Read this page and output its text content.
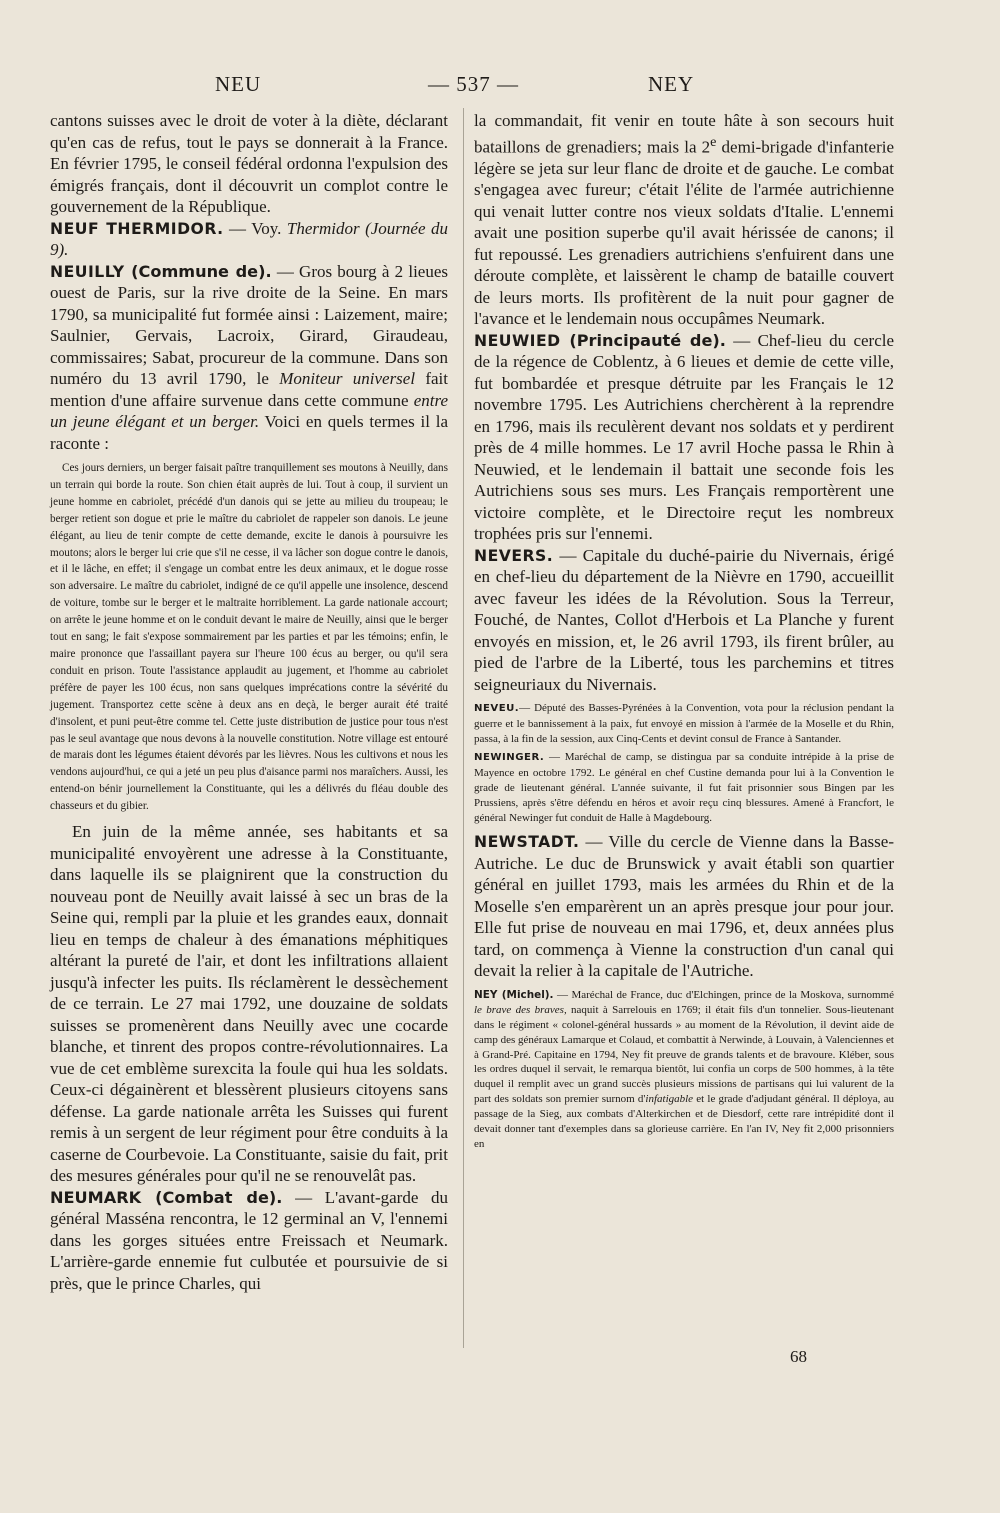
NEU	— 537 —	NEY

cantons suisses avec le droit de voter à la diète, déclarant qu'en cas de refus, tout le pays se donnerait à la France. En février 1795, le conseil fédéral ordonna l'expulsion des émigrés français, dont il découvrit un complot contre le gouvernement de la République.

NEUF THERMIDOR. — Voy. Thermidor (Journée du 9).

NEUILLY (Commune de). — Gros bourg à 2 lieues ouest de Paris, sur la rive droite de la Seine. En mars 1790, sa municipalité fut formée ainsi : Laizement, maire; Saulnier, Gervais, Lacroix, Girard, Giraudeau, commissaires; Sabat, procureur de la commune. Dans son numéro du 13 avril 1790, le Moniteur universel fait mention d'une affaire survenue dans cette commune entre un jeune élégant et un berger. Voici en quels termes il la raconte :

Ces jours derniers, un berger faisait paître tranquillement ses moutons à Neuilly, dans un terrain qui borde la route. Son chien était auprès de lui. Tout à coup, il survient un jeune homme en cabriolet, précédé d'un danois qui se jette au milieu du troupeau; le berger retient son dogue et prie le maître du cabriolet de rappeler son danois. Le jeune élégant, au lieu de tenir compte de cette demande, excite le danois à poursuivre les moutons; alors le berger lui crie que s'il ne cesse, il va lâcher son dogue contre le danois, et il le lâche, en effet; il s'engage un combat entre les deux animaux, et le dogue rosse son adversaire. Le maître du cabriolet, indigné de ce qu'il appelle une insolence, descend de voiture, tombe sur le berger et le maltraite horriblement. La garde nationale accourt; on arrête le jeune homme et on le conduit devant le maire de Neuilly, ainsi que le berger tout en sang; le fait s'expose sommairement par les parties et par les témoins; enfin, le maire prononce que l'assaillant payera sur l'heure 100 écus au berger, ou qu'il sera conduit en prison. Toute l'assistance applaudit au jugement, et l'homme au cabriolet préfère de payer les 100 écus, non sans quelques imprécations contre la sévérité du jugement. Transportez cette scène à deux ans en deçà, le berger aurait été traité d'insolent, et puni peut-être comme tel. Cette juste distribution de justice pour tous n'est pas le seul avantage que nous devons à la nouvelle constitution. Notre village est entouré de marais dont les légumes étaient dévorés par les lièvres. Nous les cultivons et nous les vendons aujourd'hui, ce qui a jeté un peu plus d'aisance parmi nos maraîchers. Aussi, les entend-on bénir journellement la Constituante, qui les a délivrés du fléau double des chasseurs et du gibier.

En juin de la même année, ses habitants et sa municipalité envoyèrent une adresse à la Constituante, dans laquelle ils se plaignirent que la construction du nouveau pont de Neuilly avait laissé à sec un bras de la Seine qui, rempli par la pluie et les grandes eaux, donnait lieu en temps de chaleur à des émanations méphitiques altérant la pureté de l'air, et dont les infiltrations allaient jusqu'à infecter les puits. Ils réclamèrent le dessèchement de ce terrain. Le 27 mai 1792, une douzaine de soldats suisses se promenèrent dans Neuilly avec une cocarde blanche, et tinrent des propos contre-révolutionnaires. La vue de cet emblème surexcita la foule qui hua les soldats. Ceux-ci dégainèrent et blessèrent plusieurs citoyens sans défense. La garde nationale arrêta les Suisses qui furent remis à un sergent de leur régiment pour être conduits à la caserne de Courbevoie. La Constituante, saisie du fait, prit des mesures générales pour qu'il ne se renouvelât pas.

NEUMARK (Combat de). — L'avant-garde du général Masséna rencontra, le 12 germinal an V, l'ennemi dans les gorges situées entre Freissach et Neumark. L'arrière-garde ennemie fut culbutée et poursuivie de si près, que le prince Charles, qui

la commandait, fit venir en toute hâte à son secours huit bataillons de grenadiers; mais la 2e demi-brigade d'infanterie légère se jeta sur leur flanc de droite et de gauche. Le combat s'engagea avec fureur; c'était l'élite de l'armée autrichienne qui venait lutter contre nos vieux soldats d'Italie. L'ennemi avait une position superbe qu'il avait hérissée de canons; il fut repoussé. Les grenadiers autrichiens s'enfuirent dans une déroute complète, et laissèrent le champ de bataille couvert de leurs morts. Ils profitèrent de la nuit pour gagner de l'avance et le lendemain nous occupâmes Neumark.

NEUWIED (Principauté de). — Chef-lieu du cercle de la régence de Coblentz, à 6 lieues et demie de cette ville, fut bombardée et presque détruite par les Français le 12 novembre 1795. Les Autrichiens cherchèrent à la reprendre en 1796, mais ils reculèrent devant nos soldats et y perdirent près de 4 mille hommes. Le 17 avril Hoche passa le Rhin à Neuwied, et le lendemain il battait une seconde fois les Autrichiens sous ses murs. Les Français remportèrent une victoire complète, et le Directoire reçut les nombreux trophées pris sur l'ennemi.

NEVERS. — Capitale du duché-pairie du Nivernais, érigé en chef-lieu du département de la Nièvre en 1790, accueillit avec faveur les idées de la Révolution. Sous la Terreur, Fouché, de Nantes, Collot d'Herbois et La Planche y furent envoyés en mission, et, le 26 avril 1793, ils firent brûler, au pied de l'arbre de la Liberté, tous les parchemins et titres seigneuriaux du Nivernais.

NEVEU.— Député des Basses-Pyrénées à la Convention, vota pour la réclusion pendant la guerre et le bannissement à la paix, fut envoyé en mission à l'armée de la Moselle et du Rhin, passa, à la fin de la session, aux Cinq-Cents et devint consul de France à Santander.

NEWINGER. — Maréchal de camp, se distingua par sa conduite intrépide à la prise de Mayence en octobre 1792. Le général en chef Custine demanda pour lui à la Convention le grade de lieutenant général. L'année suivante, il fut fait prisonnier sous Bingen par les Prussiens, après s'être défendu en héros et avoir reçu cinq blessures. Amené à Francfort, le général Newinger fut conduit de Halle à Magdebourg.

NEWSTADT. — Ville du cercle de Vienne dans la Basse-Autriche. Le duc de Brunswick y avait établi son quartier général en juillet 1793, mais les armées du Rhin et de la Moselle s'en emparèrent un an après presque jour pour jour. Elle fut prise de nouveau en mai 1796, et, deux années plus tard, on commença à Vienne la construction d'un canal qui devait la relier à la capitale de l'Autriche.

NEY (Michel). — Maréchal de France, duc d'Elchingen, prince de la Moskova, surnommé le brave des braves, naquit à Sarrelouis en 1769; il était fils d'un tonnelier. Sous-lieutenant dans le régiment « colonel-général hussards » au moment de la Révolution, il devint aide de camp des généraux Lamarque et Colaud, et combattit à Nerwinde, à Louvain, à Valenciennes et à Grand-Pré. Capitaine en 1794, Ney fit preuve de grands talents et de bravoure. Kléber, sous les ordres duquel il servait, le remarqua bientôt, lui confia un corps de 500 hommes, à la tête duquel il remplit avec un grand succès plusieurs missions de partisans qui lui valurent de la part des soldats son premier surnom d'infatigable et le grade d'adjudant général. Il déploya, au passage de la Sieg, aux combats d'Alterkirchen et de Diesdorf, cette rare intrépidité dont il devait donner tant d'exemples dans sa glorieuse carrière. En l'an IV, Ney fit 2,000 prisonniers en

68
